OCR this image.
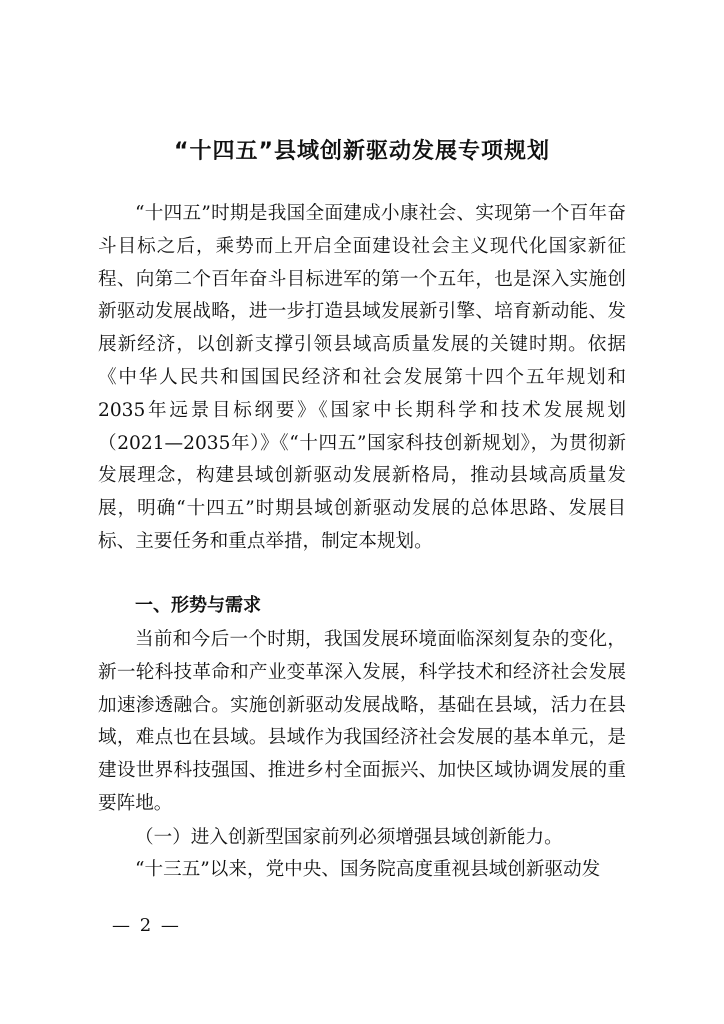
“十四五”县域创新驱动发展专项规划

“十四五”时期是我国全面建成小康社会、实现第一个百年奋斗目标之后，乘势而上开启全面建设社会主义现代化国家新征程、向第二个百年奋斗目标进军的第一个五年，也是深入实施创新驱动发展战略，进一步打造县域发展新引擎、培育新动能、发展新经济，以创新支撑引领县域高质量发展的关键时期。依据《中华人民共和国国民经济和社会发展第十四个五年规划和2035年远景目标纲要》《国家中长期科学和技术发展规划（2021—2035年）》《“十四五”国家科技创新规划》，为贯彻新发展理念，构建县域创新驱动发展新格局，推动县域高质量发展，明确“十四五”时期县域创新驱动发展的总体思路、发展目标、主要任务和重点举措，制定本规划。

一、形势与需求

当前和今后一个时期，我国发展环境面临深刻复杂的变化，新一轮科技革命和产业变革深入发展，科学技术和经济社会发展加速渗透融合。实施创新驱动发展战略，基础在县域，活力在县域，难点也在县域。县域作为我国经济社会发展的基本单元，是建设世界科技强国、推进乡村全面振兴、加快区域协调发展的重要阵地。

（一）进入创新型国家前列必须增强县域创新能力。

“十三五”以来，党中央、国务院高度重视县域创新驱动发

— 2 —
